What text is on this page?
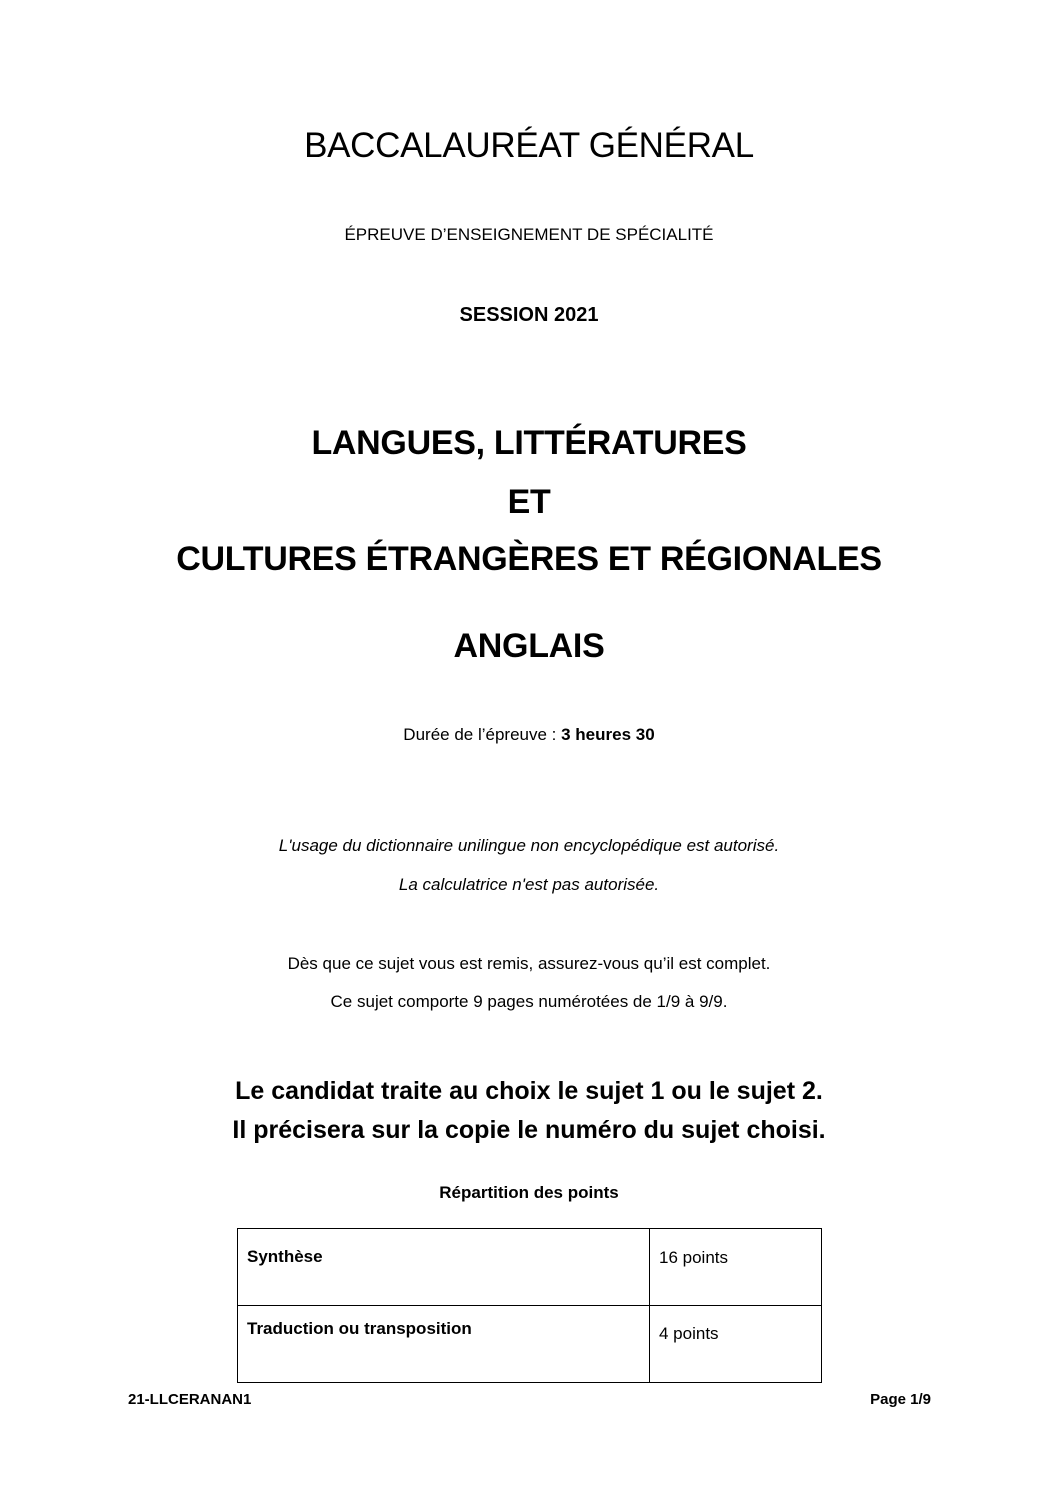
BACCALAURÉAT GÉNÉRAL

ÉPREUVE D’ENSEIGNEMENT DE SPÉCIALITÉ

SESSION 2021

LANGUES, LITTÉRATURES

ET

CULTURES ÉTRANGÈRES ET RÉGIONALES

ANGLAIS

Durée de l’épreuve : 3 heures 30

L'usage du dictionnaire unilingue non encyclopédique est autorisé.

La calculatrice n'est pas autorisée.

Dès que ce sujet vous est remis, assurez-vous qu’il est complet.

Ce sujet comporte 9 pages numérotées de 1/9 à 9/9.

Le candidat traite au choix le sujet 1 ou le sujet 2.

Il précisera sur la copie le numéro du sujet choisi.

Répartition des points

Synthèse	16 points
Traduction ou transposition	4 points
21-LLCERANAN1	Page 1/9
